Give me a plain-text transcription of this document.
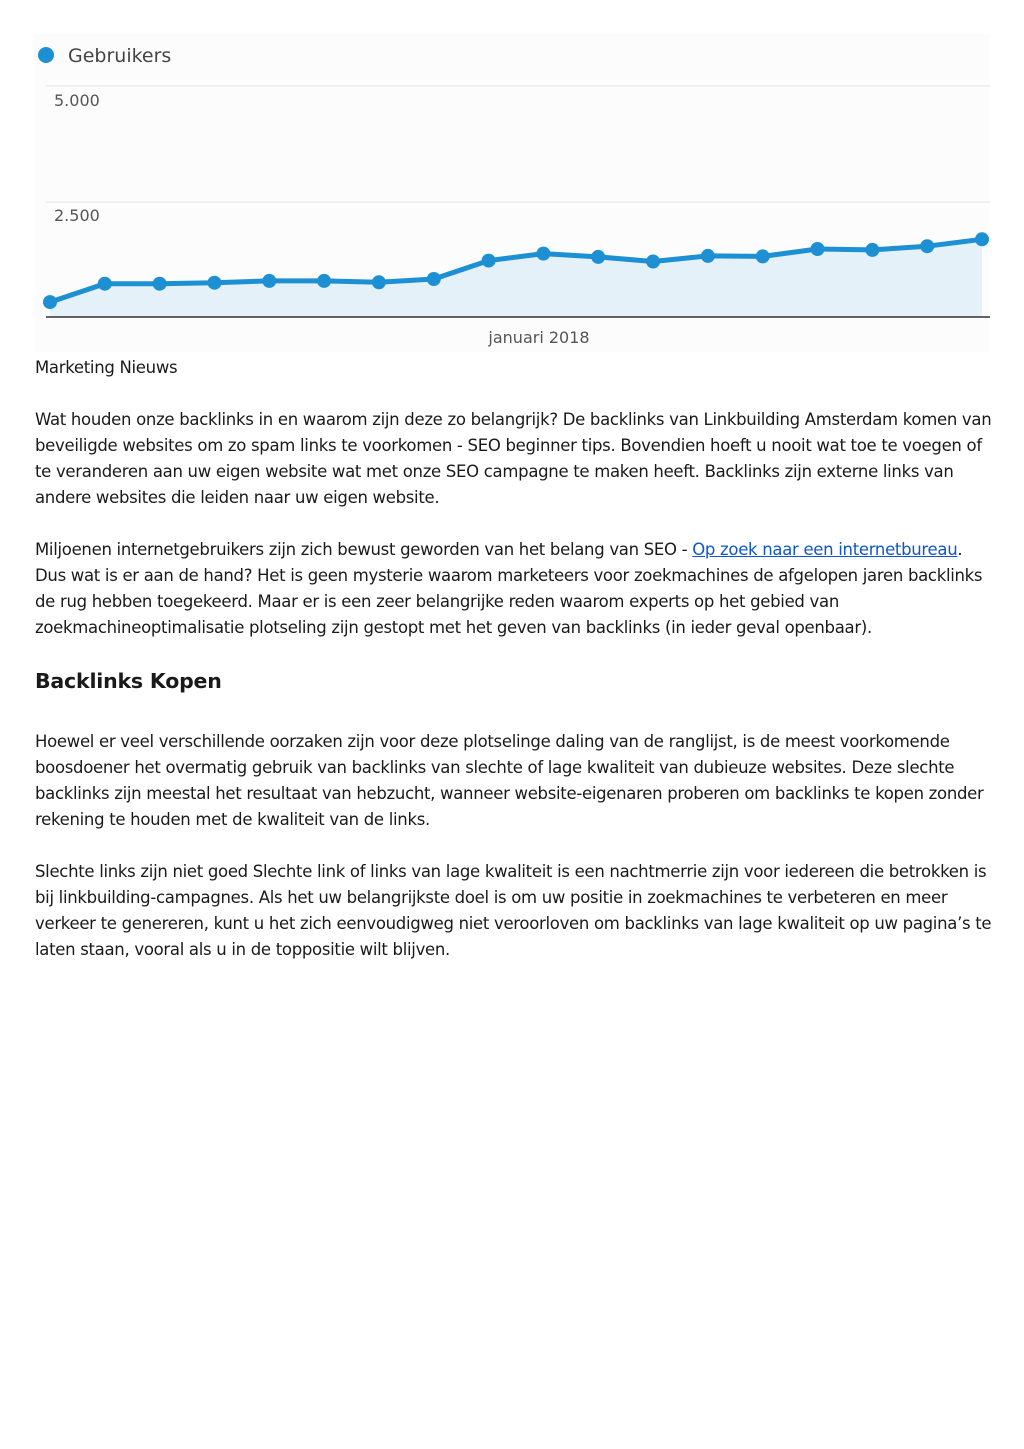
Gebruikers
5.000
2.500
januari 2018

Marketing Nieuws

Wat houden onze backlinks in en waarom zijn deze zo belangrijk? De backlinks van Linkbuilding Amsterdam komen van beveiligde websites om zo spam links te voorkomen - SEO beginner tips. Bovendien hoeft u nooit wat toe te voegen of te veranderen aan uw eigen website wat met onze SEO campagne te maken heeft. Backlinks zijn externe links van andere websites die leiden naar uw eigen website.

Miljoenen internetgebruikers zijn zich bewust geworden van het belang van SEO - Op zoek naar een internetbureau. Dus wat is er aan de hand? Het is geen mysterie waarom marketeers voor zoekmachines de afgelopen jaren backlinks de rug hebben toegekeerd. Maar er is een zeer belangrijke reden waarom experts op het gebied van zoekmachineoptimalisatie plotseling zijn gestopt met het geven van backlinks (in ieder geval openbaar).

Backlinks Kopen

Hoewel er veel verschillende oorzaken zijn voor deze plotselinge daling van de ranglijst, is de meest voorkomende boosdoener het overmatig gebruik van backlinks van slechte of lage kwaliteit van dubieuze websites. Deze slechte backlinks zijn meestal het resultaat van hebzucht, wanneer website-eigenaren proberen om backlinks te kopen zonder rekening te houden met de kwaliteit van de links.

Slechte links zijn niet goed Slechte link of links van lage kwaliteit is een nachtmerrie zijn voor iedereen die betrokken is bij linkbuilding-campagnes. Als het uw belangrijkste doel is om uw positie in zoekmachines te verbeteren en meer verkeer te genereren, kunt u het zich eenvoudigweg niet veroorloven om backlinks van lage kwaliteit op uw pagina’s te laten staan, vooral als u in de toppositie wilt blijven.
